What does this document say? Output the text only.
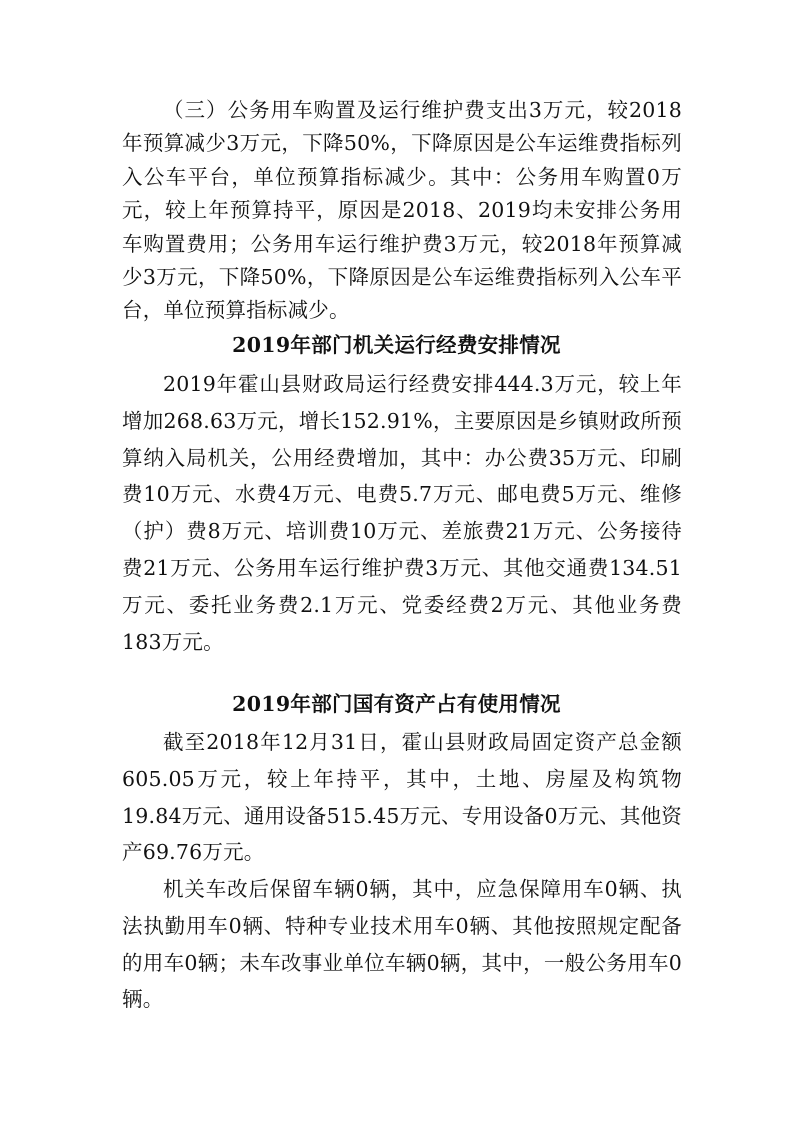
（三）公务用车购置及运行维护费支出3万元，较2018年预算减少3万元，下降50%，下降原因是公车运维费指标列入公车平台，单位预算指标减少。其中：公务用车购置0万元，较上年预算持平，原因是2018、2019均未安排公务用车购置费用；公务用车运行维护费3万元，较2018年预算减少3万元，下降50%，下降原因是公车运维费指标列入公车平台，单位预算指标减少。

2019年部门机关运行经费安排情况

2019年霍山县财政局运行经费安排444.3万元，较上年增加268.63万元，增长152.91%，主要原因是乡镇财政所预算纳入局机关，公用经费增加，其中：办公费35万元、印刷费10万元、水费4万元、电费5.7万元、邮电费5万元、维修（护）费8万元、培训费10万元、差旅费21万元、公务接待费21万元、公务用车运行维护费3万元、其他交通费134.51万元、委托业务费2.1万元、党委经费2万元、其他业务费183万元。

2019年部门国有资产占有使用情况

截至2018年12月31日，霍山县财政局固定资产总金额605.05万元，较上年持平，其中，土地、房屋及构筑物19.84万元、通用设备515.45万元、专用设备0万元、其他资产69.76万元。

机关车改后保留车辆0辆，其中，应急保障用车0辆、执法执勤用车0辆、特种专业技术用车0辆、其他按照规定配备的用车0辆；未车改事业单位车辆0辆，其中，一般公务用车0辆。
